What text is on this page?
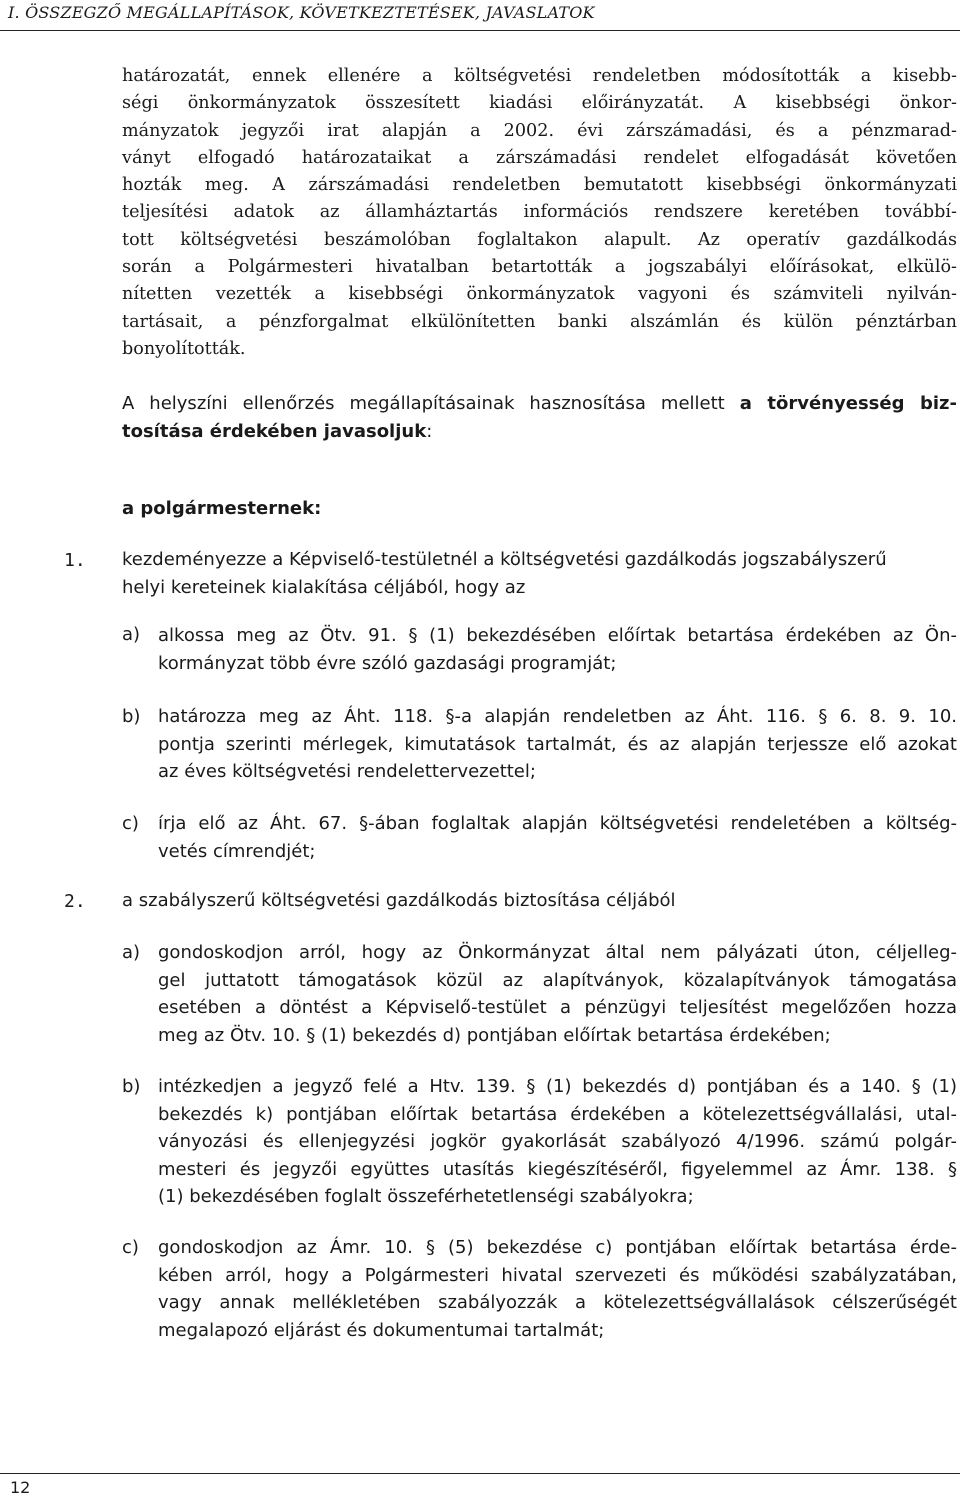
I. ÖSSZEGZŐ MEGÁLLAPÍTÁSOK, KÖVETKEZTETÉSEK, JAVASLATOK
határozatát, ennek ellenére a költségvetési rendeletben módosították a kisebb-
ségi önkormányzatok összesített kiadási előirányzatát. A kisebbségi önkor-
mányzatok jegyzői irat alapján a 2002. évi zárszámadási, és a pénzmarad-
ványt elfogadó határozataikat a zárszámadási rendelet elfogadását követően
hozták meg. A zárszámadási rendeletben bemutatott kisebbségi önkormányzati
teljesítési adatok az államháztartás információs rendszere keretében továbbí-
tott költségvetési beszámolóban foglaltakon alapult. Az operatív gazdálkodás
során a Polgármesteri hivatalban betartották a jogszabályi előírásokat, elkülö-
nítetten vezették a kisebbségi önkormányzatok vagyoni és számviteli nyilván-
tartásait, a pénzforgalmat elkülönítetten banki alszámlán és külön pénztárban
bonyolították.
A helyszíni ellenőrzés megállapításainak hasznosítása mellett a törvényesség biz-
tosítása érdekében javasoljuk:
a polgármesternek:
1. kezdeményezze a Képviselő-testületnél a költségvetési gazdálkodás jogszabályszerű
helyi kereteinek kialakítása céljából, hogy az
a) alkossa meg az Ötv. 91. § (1) bekezdésében előírtak betartása érdekében az Ön-
kormányzat több évre szóló gazdasági programját;
b) határozza meg az Áht. 118. §-a alapján rendeletben az Áht. 116. § 6. 8. 9. 10.
pontja szerinti mérlegek, kimutatások tartalmát, és az alapján terjessze elő azokat
az éves költségvetési rendelettervezettel;
c) írja elő az Áht. 67. §-ában foglaltak alapján költségvetési rendeletében a költség-
vetés címrendjét;
2. a szabályszerű költségvetési gazdálkodás biztosítása céljából
a) gondoskodjon arról, hogy az Önkormányzat által nem pályázati úton, céljelleg-
gel juttatott támogatások közül az alapítványok, közalapítványok támogatása
esetében a döntést a Képviselő-testület a pénzügyi teljesítést megelőzően hozza
meg az Ötv. 10. § (1) bekezdés d) pontjában előírtak betartása érdekében;
b) intézkedjen a jegyző felé a Htv. 139. § (1) bekezdés d) pontjában és a 140. § (1)
bekezdés k) pontjában előírtak betartása érdekében a kötelezettségvállalási, utal-
ványozási és ellenjegyzési jogkör gyakorlását szabályozó 4/1996. számú polgár-
mesteri és jegyzői együttes utasítás kiegészítéséről, figyelemmel az Ámr. 138. §
(1) bekezdésében foglalt összeférhetetlenségi szabályokra;
c) gondoskodjon az Ámr. 10. § (5) bekezdése c) pontjában előírtak betartása érde-
kében arról, hogy a Polgármesteri hivatal szervezeti és működési szabályzatában,
vagy annak mellékletében szabályozzák a kötelezettségvállalások célszerűségét
megalapozó eljárást és dokumentumai tartalmát;
12
